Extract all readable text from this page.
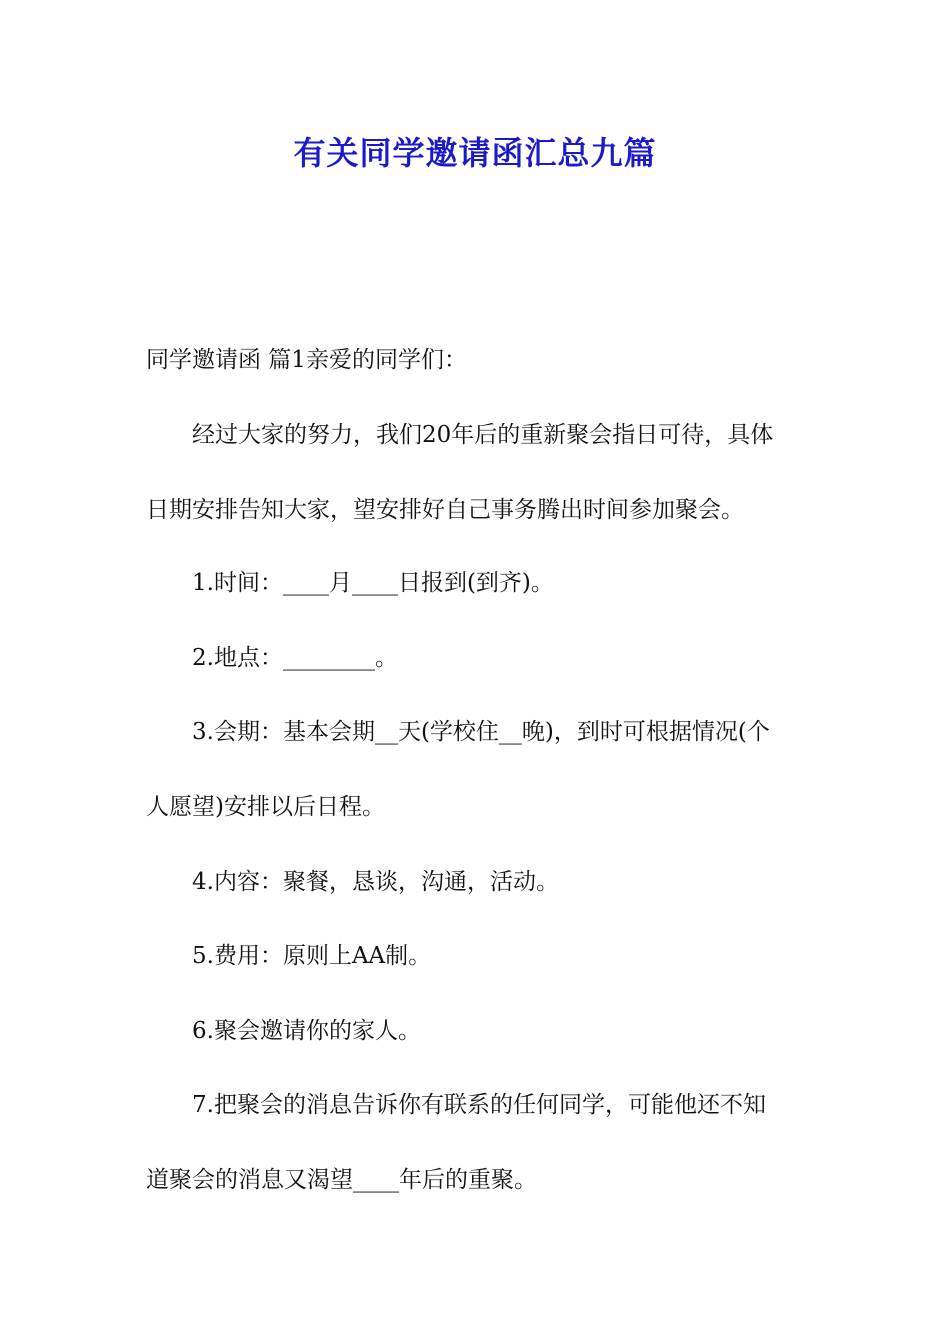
有关同学邀请函汇总九篇
同学邀请函 篇1亲爱的同学们：
经过大家的努力，我们20年后的重新聚会指日可待，具体
日期安排告知大家，望安排好自己事务腾出时间参加聚会。
1.时间：____月____日报到(到齐)。
2.地点：________。
3.会期：基本会期__天(学校住__晚)，到时可根据情况(个
人愿望)安排以后日程。
4.内容：聚餐，恳谈，沟通，活动。
5.费用：原则上AA制。
6.聚会邀请你的家人。
7.把聚会的消息告诉你有联系的任何同学，可能他还不知
道聚会的消息又渴望____年后的重聚。
